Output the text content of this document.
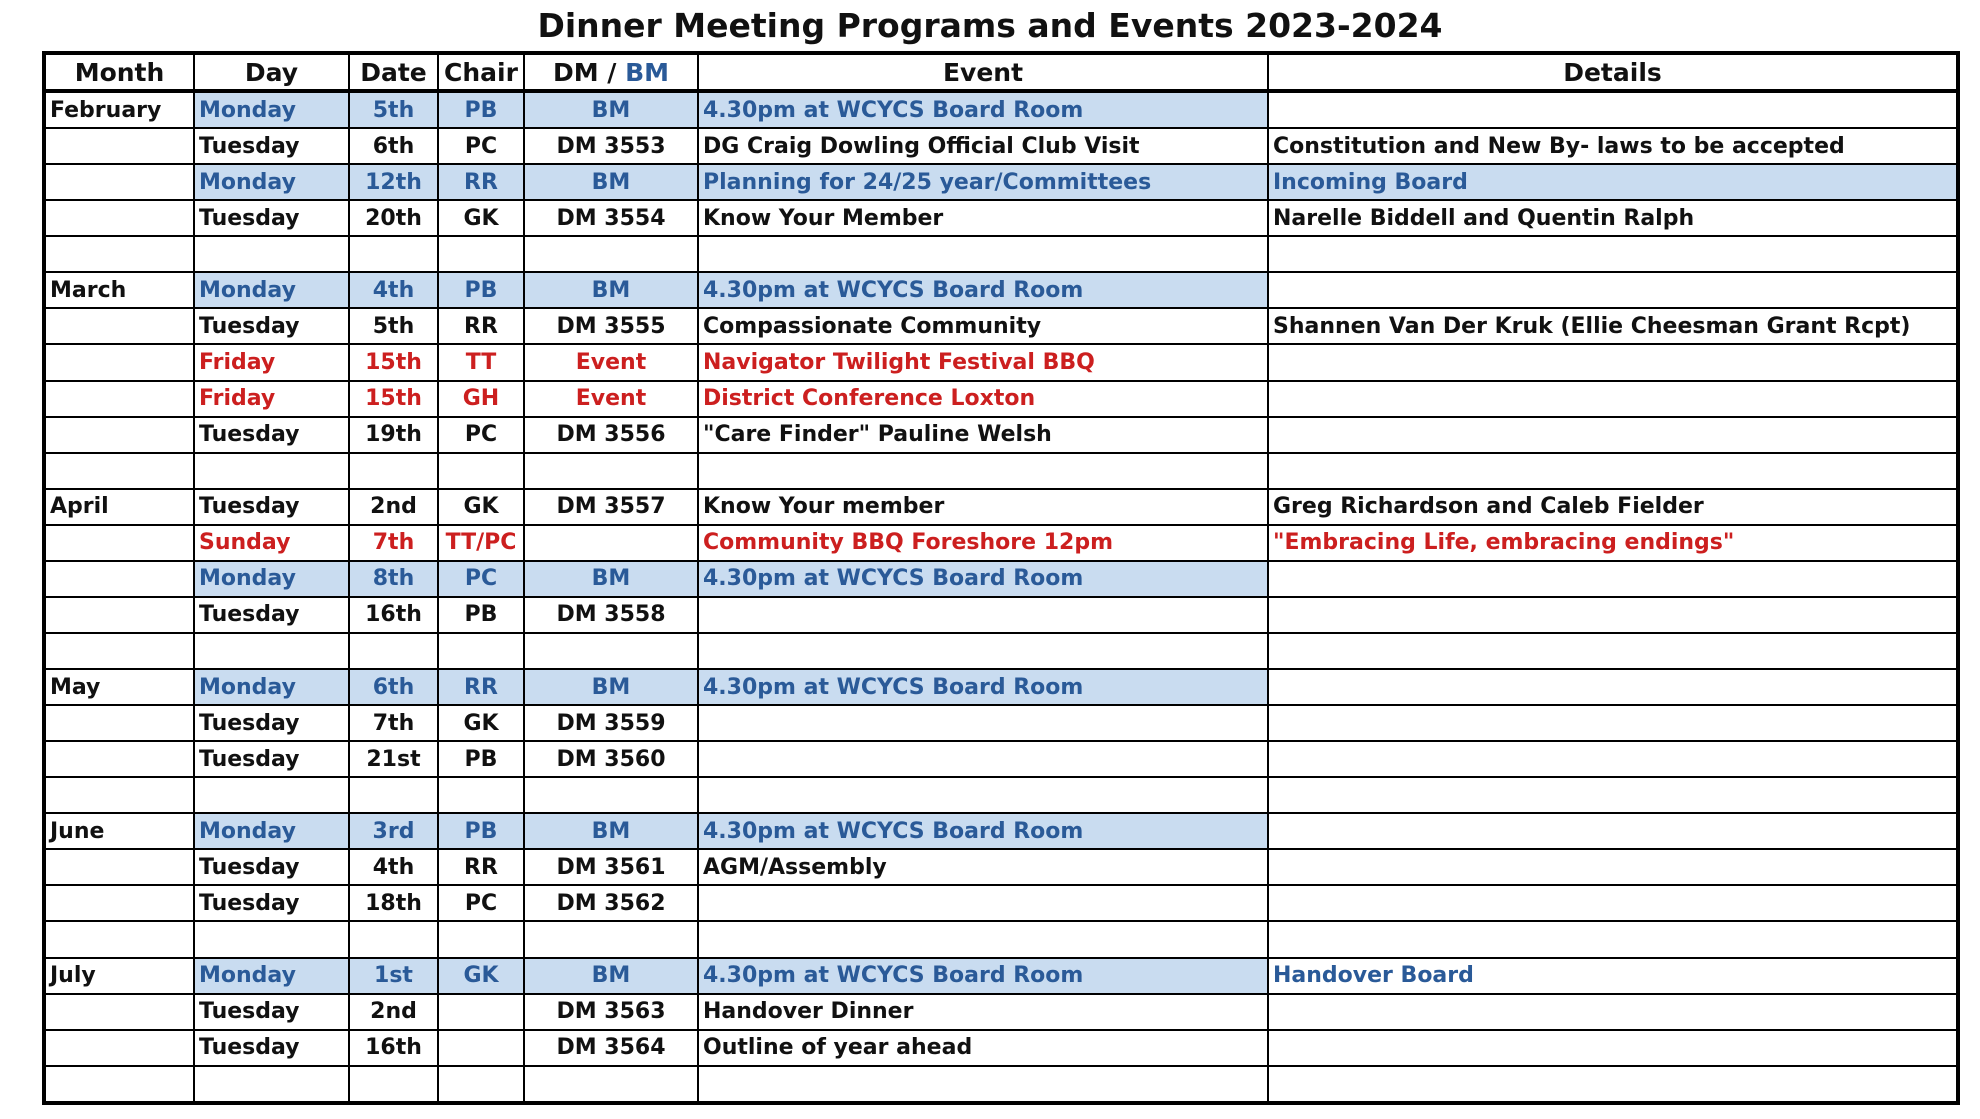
Dinner Meeting Programs and Events 2023-2024
Month	Day	Date	Chair	DM / BM	Event	Details
February	Monday	5th	PB	BM	4.30pm at WCYCS Board Room	
	Tuesday	6th	PC	DM 3553	DG Craig Dowling Official Club Visit	Constitution and New By- laws to be accepted
	Monday	12th	RR	BM	Planning for 24/25 year/Committees	Incoming Board
	Tuesday	20th	GK	DM 3554	Know Your Member	Narelle Biddell and Quentin Ralph

March	Monday	4th	PB	BM	4.30pm at WCYCS Board Room	
	Tuesday	5th	RR	DM 3555	Compassionate Community	Shannen Van Der Kruk (Ellie Cheesman Grant Rcpt)
	Friday	15th	TT	Event	Navigator Twilight Festival BBQ	
	Friday	15th	GH	Event	District Conference Loxton	
	Tuesday	19th	PC	DM 3556	"Care Finder" Pauline Welsh	

April	Tuesday	2nd	GK	DM 3557	Know Your member	Greg Richardson and Caleb Fielder
	Sunday	7th	TT/PC		Community BBQ Foreshore 12pm	"Embracing Life, embracing endings"
	Monday	8th	PC	BM	4.30pm at WCYCS Board Room	
	Tuesday	16th	PB	DM 3558		

May	Monday	6th	RR	BM	4.30pm at WCYCS Board Room	
	Tuesday	7th	GK	DM 3559		
	Tuesday	21st	PB	DM 3560		

June	Monday	3rd	PB	BM	4.30pm at WCYCS Board Room	
	Tuesday	4th	RR	DM 3561	AGM/Assembly	
	Tuesday	18th	PC	DM 3562		

July	Monday	1st	GK	BM	4.30pm at WCYCS Board Room	Handover Board
	Tuesday	2nd		DM 3563	Handover Dinner	
	Tuesday	16th		DM 3564	Outline of year ahead	
